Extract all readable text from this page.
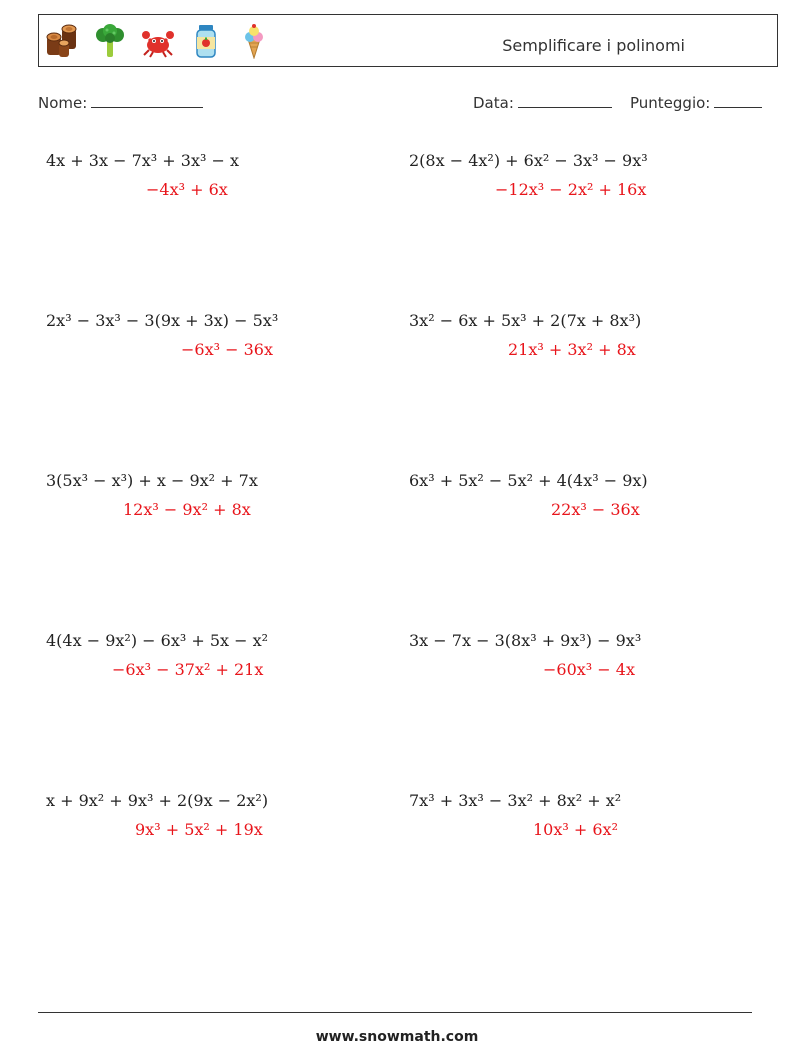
Semplificare i polinomi
Nome:	Data:	Punteggio:
4x + 3x − 7x³ + 3x³ − x
−4x³ + 6x
2(8x − 4x²) + 6x² − 3x³ − 9x³
−12x³ − 2x² + 16x
2x³ − 3x³ − 3(9x + 3x) − 5x³
−6x³ − 36x
3x² − 6x + 5x³ + 2(7x + 8x³)
21x³ + 3x² + 8x
3(5x³ − x³) + x − 9x² + 7x
12x³ − 9x² + 8x
6x³ + 5x² − 5x² + 4(4x³ − 9x)
22x³ − 36x
4(4x − 9x²) − 6x³ + 5x − x²
−6x³ − 37x² + 21x
3x − 7x − 3(8x³ + 9x³) − 9x³
−60x³ − 4x
x + 9x² + 9x³ + 2(9x − 2x²)
9x³ + 5x² + 19x
7x³ + 3x³ − 3x² + 8x² + x²
10x³ + 6x²
www.snowmath.com
